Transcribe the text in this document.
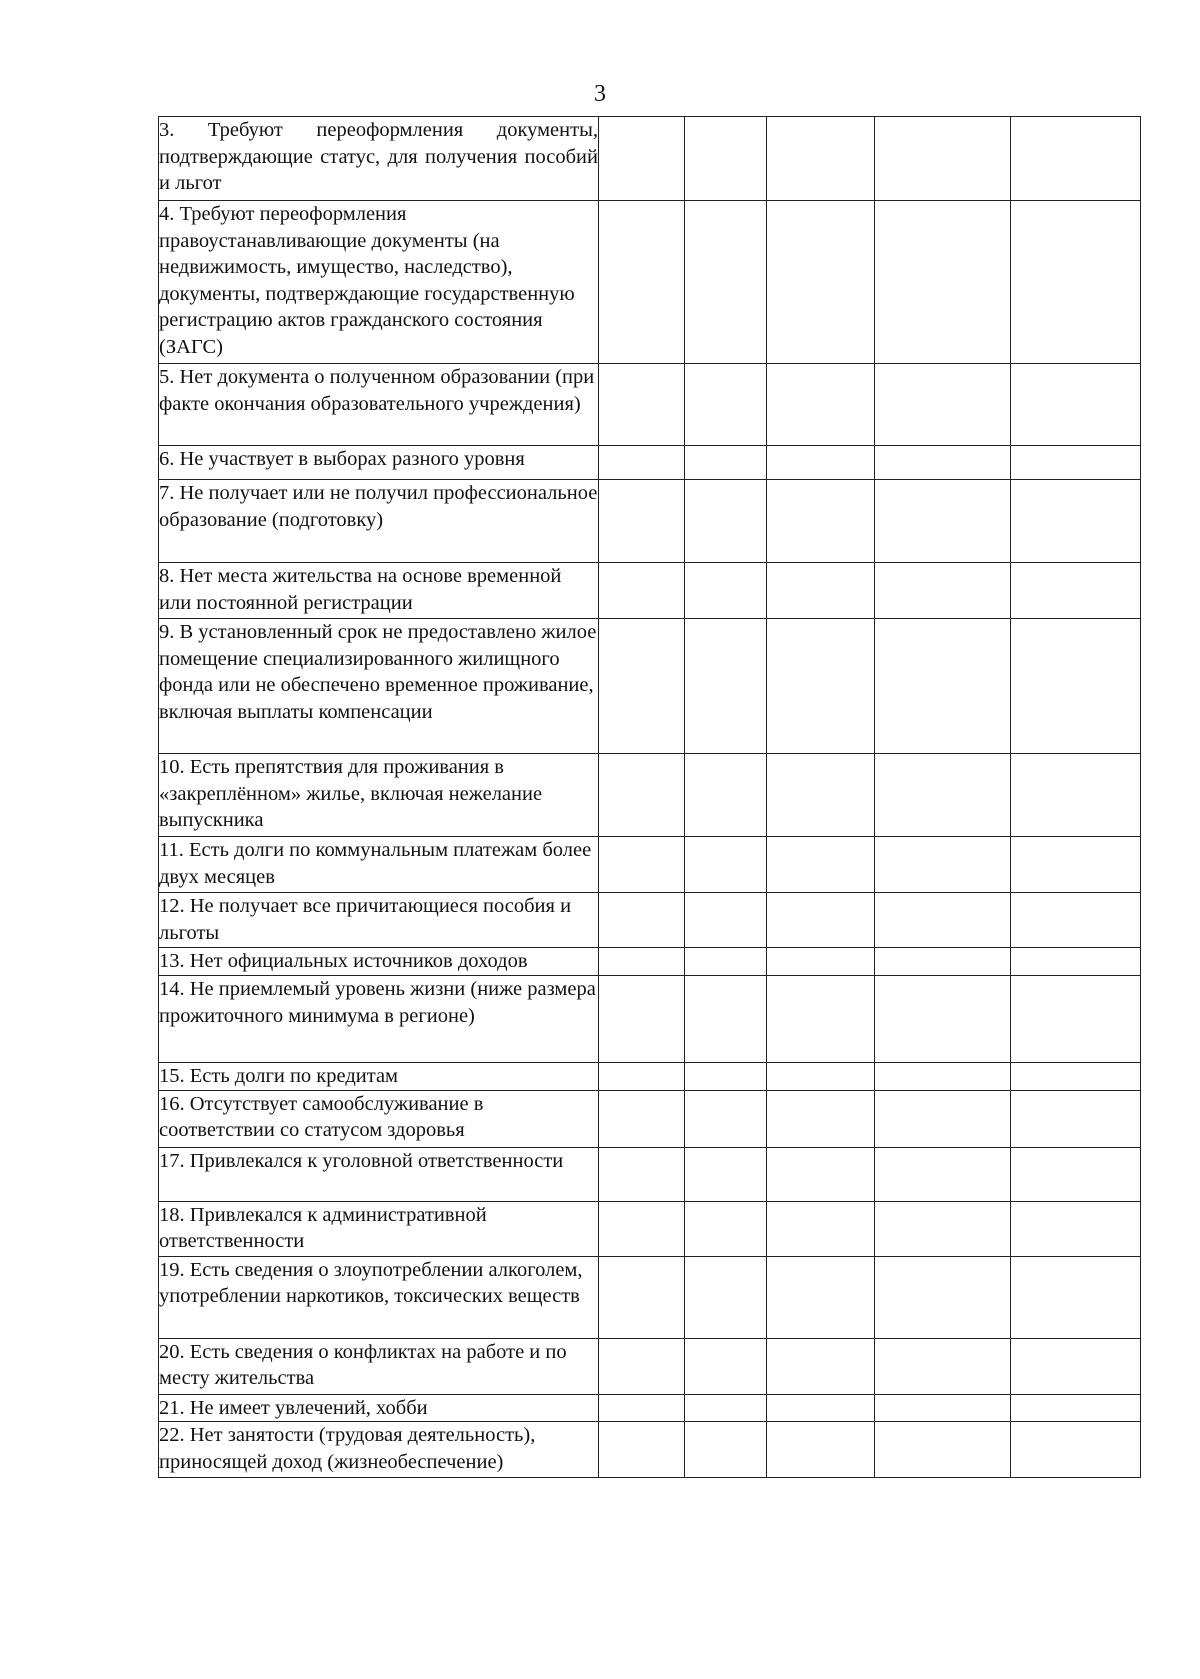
3
3. Требуют переоформления документы, подтверждающие статус, для получения пособий и льгот					

4. Требуют переоформления правоустанавливающие документы (на недвижимость, имущество, наследство), документы, подтверждающие государственную регистрацию актов гражданского состояния (ЗАГС)					

5. Нет документа о полученном образовании (при факте окончания образовательного учреждения)					

6. Не участвует в выборах разного уровня					

7. Не получает или не получил профессиональное образование (подготовку)					

8. Нет места жительства на основе временной или постоянной регистрации					

9. В установленный срок не предоставлено жилое помещение специализированного жилищного фонда или не обеспечено временное проживание, включая выплаты компенсации					

10. Есть препятствия для проживания в «закреплённом» жилье, включая нежелание выпускника					

11. Есть долги по коммунальным платежам более двух месяцев					

12. Не получает все причитающиеся пособия и льготы					

13. Нет официальных источников доходов					

14. Не приемлемый уровень жизни (ниже размера прожиточного минимума в регионе)					

15. Есть долги по кредитам					

16. Отсутствует самообслуживание в соответствии со статусом здоровья					

17. Привлекался к уголовной ответственности					

18. Привлекался к административной ответственности					

19. Есть сведения о злоупотреблении алкоголем, употреблении наркотиков, токсических веществ					

20. Есть сведения о конфликтах на работе и по месту жительства					

21. Не имеет увлечений, хобби					

22. Нет занятости (трудовая деятельность), приносящей доход (жизнеобеспечение)					
